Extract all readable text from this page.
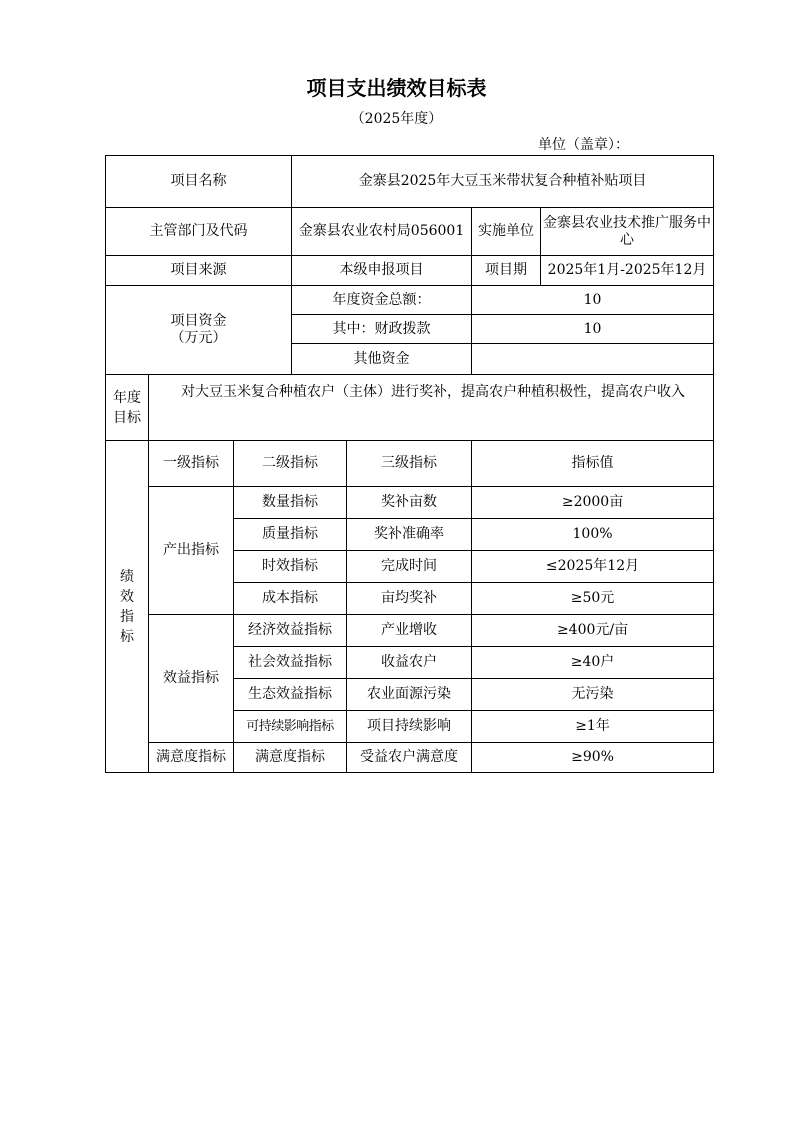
项目支出绩效目标表
（2025年度）
单位（盖章）：
项目名称			金寨县2025年大豆玉米带状复合种植补贴项目			
主管部门及代码			金寨县农业农村局056001		实施单位	金寨县农业技术推广服务中心
项目来源			本级申报项目		项目期	2025年1月-2025年12月

项目资金
（万元）			年度资金总额：		10	
			其中：财政拨款		10	
			其他资金			

年度
目标
	  对大豆玉米复合种植农户（主体）进行奖补，提高农户种植积极性，提高农户收入					

绩
效
指
标	一级指标	二级指标		三级指标	指标值	
	产出指标	数量指标		奖补亩数	≥2000亩	
		质量指标		奖补准确率	100%	
		时效指标		完成时间	≤2025年12月	
		成本指标		亩均奖补	≥50元	
	效益指标	经济效益指标		产业增收	≥400元/亩	
		社会效益指标		收益农户	≥40户	
		生态效益指标		农业面源污染	无污染	
		可持续影响指标		项目持续影响	≥1年	
	满意度指标	满意度指标		受益农户满意度	≥90%	
